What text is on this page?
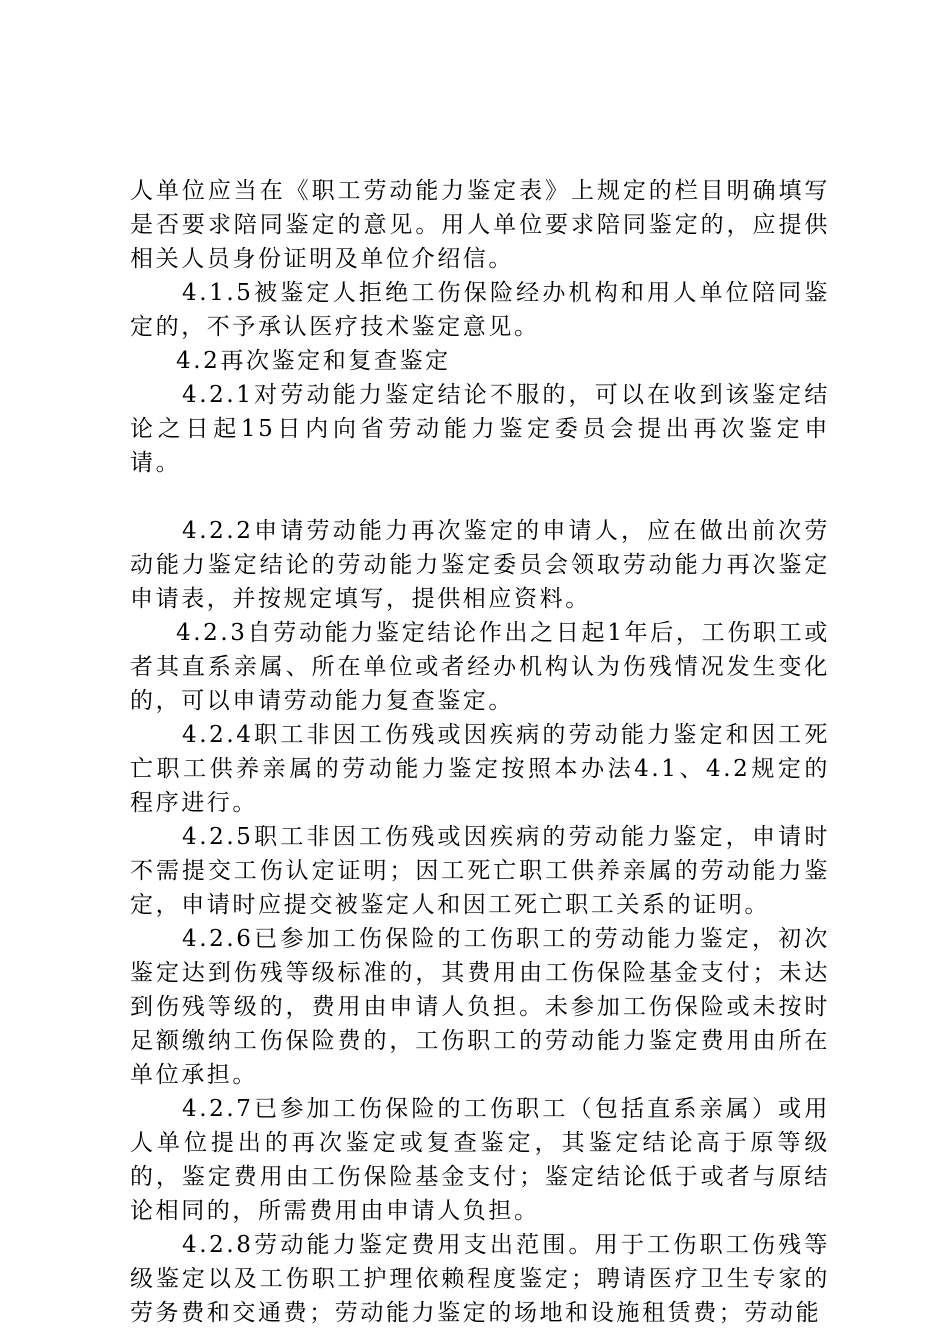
人单位应当在《职工劳动能力鉴定表》上规定的栏目明确填写是否要求陪同鉴定的意见。用人单位要求陪同鉴定的，应提供相关人员身份证明及单位介绍信。

4.1.5被鉴定人拒绝工伤保险经办机构和用人单位陪同鉴定的，不予承认医疗技术鉴定意见。

4.2再次鉴定和复查鉴定

4.2.1对劳动能力鉴定结论不服的，可以在收到该鉴定结论之日起15日内向省劳动能力鉴定委员会提出再次鉴定申请。

4.2.2申请劳动能力再次鉴定的申请人，应在做出前次劳动能力鉴定结论的劳动能力鉴定委员会领取劳动能力再次鉴定申请表，并按规定填写，提供相应资料。

4.2.3自劳动能力鉴定结论作出之日起1年后，工伤职工或者其直系亲属、所在单位或者经办机构认为伤残情况发生变化的，可以申请劳动能力复查鉴定。

4.2.4职工非因工伤残或因疾病的劳动能力鉴定和因工死亡职工供养亲属的劳动能力鉴定按照本办法4.1、4.2规定的程序进行。

4.2.5职工非因工伤残或因疾病的劳动能力鉴定，申请时不需提交工伤认定证明；因工死亡职工供养亲属的劳动能力鉴定，申请时应提交被鉴定人和因工死亡职工关系的证明。

4.2.6已参加工伤保险的工伤职工的劳动能力鉴定，初次鉴定达到伤残等级标准的，其费用由工伤保险基金支付；未达到伤残等级的，费用由申请人负担。未参加工伤保险或未按时足额缴纳工伤保险费的，工伤职工的劳动能力鉴定费用由所在单位承担。

4.2.7已参加工伤保险的工伤职工（包括直系亲属）或用人单位提出的再次鉴定或复查鉴定，其鉴定结论高于原等级的，鉴定费用由工伤保险基金支付；鉴定结论低于或者与原结论相同的，所需费用由申请人负担。

4.2.8劳动能力鉴定费用支出范围。用于工伤职工伤残等级鉴定以及工伤职工护理依赖程度鉴定；聘请医疗卫生专家的劳务费和交通费；劳动能力鉴定的场地和设施租赁费；劳动能
